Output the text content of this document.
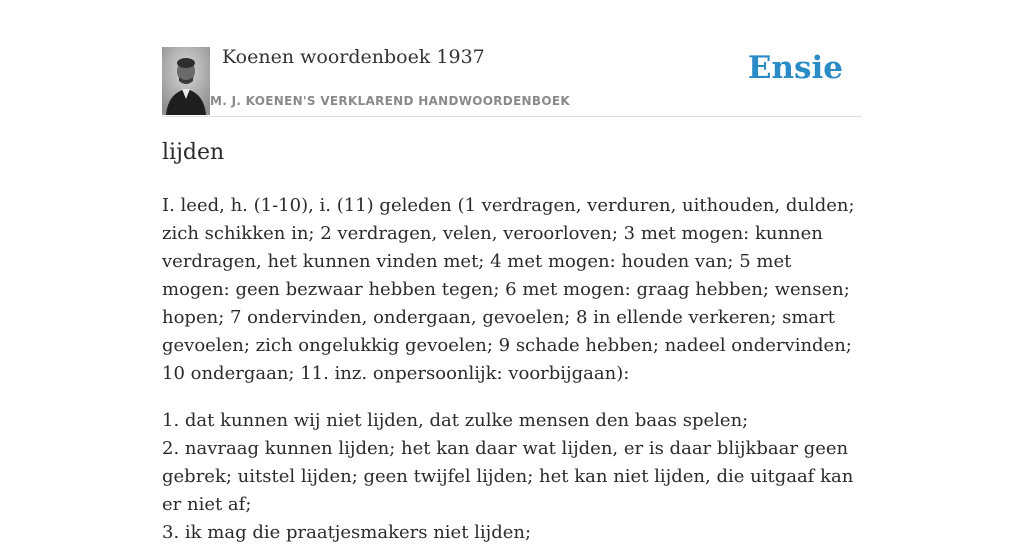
Koenen woordenboek 1937
M. J. KOENEN'S VERKLAREND HANDWOORDENBOEK
Ensie
lijden

I. leed, h. (1-10), i. (11) geleden (1 verdragen, verduren, uithouden, dulden; zich schikken in; 2 verdragen, velen, veroorloven; 3 met mogen: kunnen verdragen, het kunnen vinden met; 4 met mogen: houden van; 5 met mogen: geen bezwaar hebben tegen; 6 met mogen: graag hebben; wensen; hopen; 7 ondervinden, ondergaan, gevoelen; 8 in ellende verkeren; smart gevoelen; zich ongelukkig gevoelen; 9 schade hebben; nadeel ondervinden; 10 ondergaan; 11. inz. onpersoonlijk: voorbijgaan):

1. dat kunnen wij niet lijden, dat zulke mensen den baas spelen;
2. navraag kunnen lijden; het kan daar wat lijden, er is daar blijkbaar geen gebrek; uitstel lijden; geen twijfel lijden; het kan niet lijden, die uitgaaf kan er niet af;
3. ik mag die praatjesmakers niet lijden;
